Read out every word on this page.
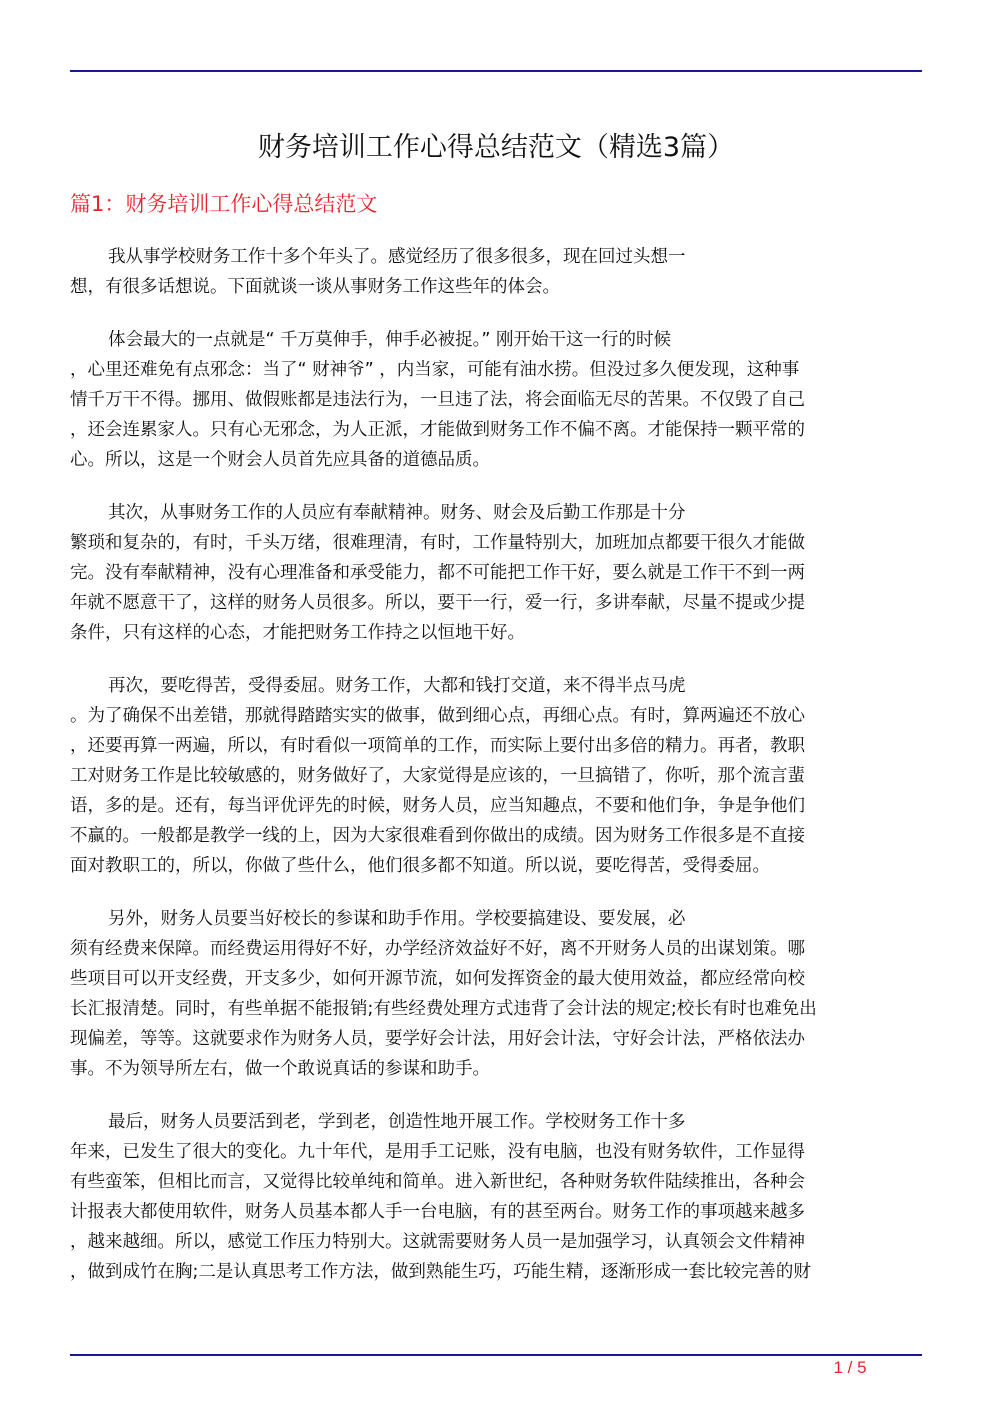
财务培训工作心得总结范文（精选3篇）
篇1：财务培训工作心得总结范文
我从事学校财务工作十多个年头了。感觉经历了很多很多，现在回过头想一
想，有很多话想说。下面就谈一谈从事财务工作这些年的体会。
体会最大的一点就是“ 千万莫伸手，伸手必被捉。” 刚开始干这一行的时候
，心里还难免有点邪念：当了“ 财神爷” ，内当家，可能有油水捞。但没过多久便发现，这种事
情千万干不得。挪用、做假账都是违法行为，一旦违了法，将会面临无尽的苦果。不仅毁了自己
，还会连累家人。只有心无邪念，为人正派，才能做到财务工作不偏不离。才能保持一颗平常的
心。所以，这是一个财会人员首先应具备的道德品质。
其次，从事财务工作的人员应有奉献精神。财务、财会及后勤工作那是十分
繁琐和复杂的，有时，千头万绪，很难理清，有时，工作量特别大，加班加点都要干很久才能做
完。没有奉献精神，没有心理准备和承受能力，都不可能把工作干好，要么就是工作干不到一两
年就不愿意干了，这样的财务人员很多。所以，要干一行，爱一行，多讲奉献，尽量不提或少提
条件，只有这样的心态，才能把财务工作持之以恒地干好。
再次，要吃得苦，受得委屈。财务工作，大都和钱打交道，来不得半点马虎
。为了确保不出差错，那就得踏踏实实的做事，做到细心点，再细心点。有时，算两遍还不放心
，还要再算一两遍，所以，有时看似一项简单的工作，而实际上要付出多倍的精力。再者，教职
工对财务工作是比较敏感的，财务做好了，大家觉得是应该的，一旦搞错了，你听，那个流言蜚
语，多的是。还有，每当评优评先的时候，财务人员，应当知趣点，不要和他们争，争是争他们
不赢的。一般都是教学一线的上，因为大家很难看到你做出的成绩。因为财务工作很多是不直接
面对教职工的，所以，你做了些什么，他们很多都不知道。所以说，要吃得苦，受得委屈。
另外，财务人员要当好校长的参谋和助手作用。学校要搞建设、要发展，必
须有经费来保障。而经费运用得好不好，办学经济效益好不好，离不开财务人员的出谋划策。哪
些项目可以开支经费，开支多少，如何开源节流，如何发挥资金的最大使用效益，都应经常向校
长汇报清楚。同时，有些单据不能报销;有些经费处理方式违背了会计法的规定;校长有时也难免出
现偏差，等等。这就要求作为财务人员，要学好会计法，用好会计法，守好会计法，严格依法办
事。不为领导所左右，做一个敢说真话的参谋和助手。
最后，财务人员要活到老，学到老，创造性地开展工作。学校财务工作十多
年来，已发生了很大的变化。九十年代，是用手工记账，没有电脑，也没有财务软件，工作显得
有些蛮笨，但相比而言，又觉得比较单纯和简单。进入新世纪，各种财务软件陆续推出，各种会
计报表大都使用软件，财务人员基本都人手一台电脑，有的甚至两台。财务工作的事项越来越多
，越来越细。所以，感觉工作压力特别大。这就需要财务人员一是加强学习，认真领会文件精神
，做到成竹在胸;二是认真思考工作方法，做到熟能生巧，巧能生精，逐渐形成一套比较完善的财
1 / 5
